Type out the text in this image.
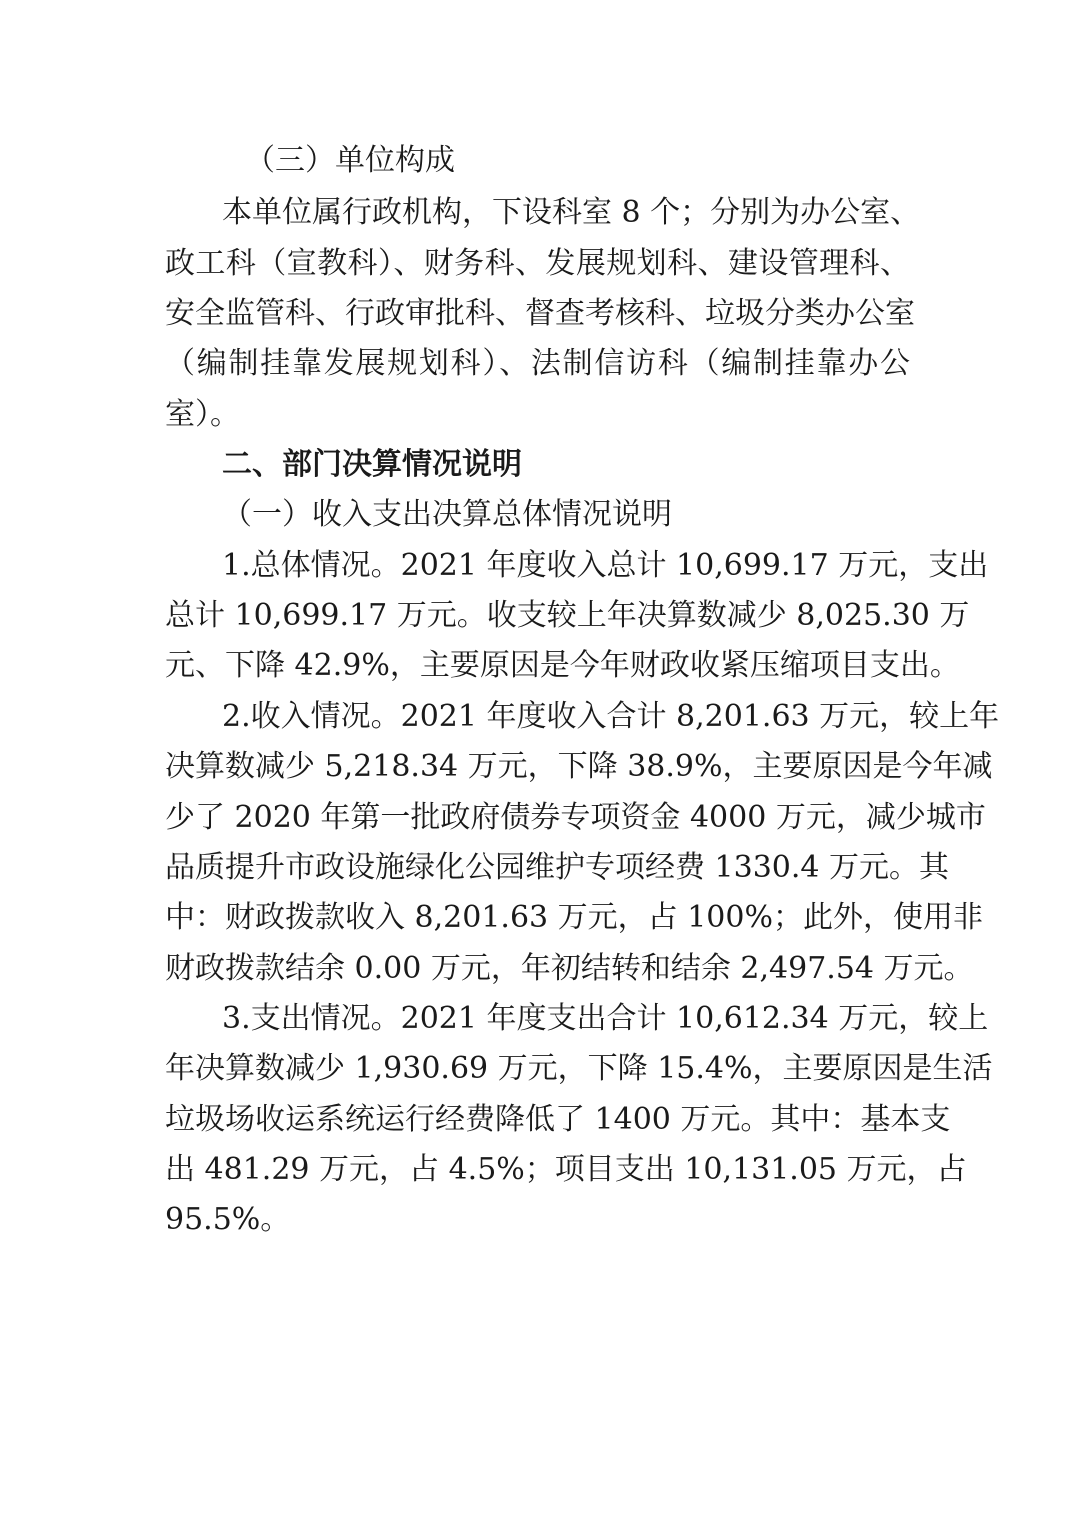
（三）单位构成
本单位属行政机构，下设科室 8 个；分别为办公室、
政工科（宣教科）、财务科、发展规划科、建设管理科、
安全监管科、行政审批科、督查考核科、垃圾分类办公室
（编制挂靠发展规划科）、法制信访科（编制挂靠办公
室）。
二、部门决算情况说明
（一）收入支出决算总体情况说明
1.总体情况。2021 年度收入总计 10,699.17 万元，支出
总计 10,699.17 万元。收支较上年决算数减少 8,025.30 万
元、下降 42.9%，主要原因是今年财政收紧压缩项目支出。
2.收入情况。2021 年度收入合计 8,201.63 万元，较上年
决算数减少 5,218.34 万元，下降 38.9%，主要原因是今年减
少了 2020 年第一批政府债券专项资金 4000 万元，减少城市
品质提升市政设施绿化公园维护专项经费 1330.4 万元。其
中：财政拨款收入 8,201.63 万元，占 100%；此外，使用非
财政拨款结余 0.00 万元，年初结转和结余 2,497.54 万元。
3.支出情况。2021 年度支出合计 10,612.34 万元，较上
年决算数减少 1,930.69 万元，下降 15.4%，主要原因是生活
垃圾场收运系统运行经费降低了 1400 万元。其中：基本支
出 481.29 万元，占 4.5%；项目支出 10,131.05 万元，占
95.5%。
